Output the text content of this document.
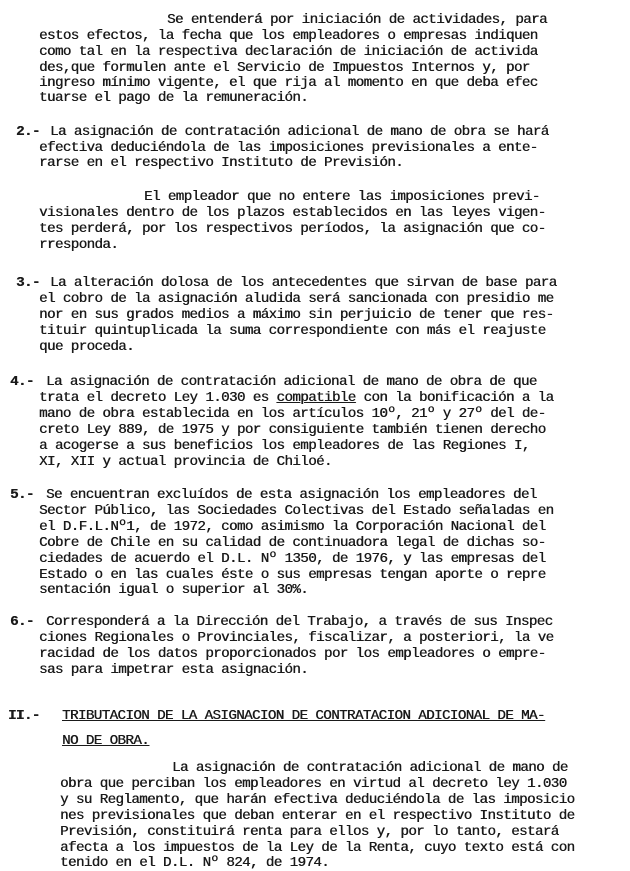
Se entenderá por iniciación de actividades, para
estos efectos, la fecha que los empleadores o empresas indiquen
como tal en la respectiva declaración de iniciación de activida
des,que formulen ante el Servicio de Impuestos Internos y, por
ingreso mínimo vigente, el que rija al momento en que deba efec
tuarse el pago de la remuneración.
2.- La asignación de contratación adicional de mano de obra se hará
efectiva deduciéndola de las imposiciones previsionales a ente-
rarse en el respectivo Instituto de Previsión.
El empleador que no entere las imposiciones previ-
visionales dentro de los plazos establecidos en las leyes vigen-
tes perderá, por los respectivos períodos, la asignación que co-
rresponda.
3.- La alteración dolosa de los antecedentes que sirvan de base para
el cobro de la asignación aludida será sancionada con presidio me
nor en sus grados medios a máximo sin perjuicio de tener que res-
tituir quintuplicada la suma correspondiente con más el reajuste
que proceda.
4.- La asignación de contratación adicional de mano de obra de que
trata el decreto Ley 1.030 es compatible con la bonificación a la
mano de obra establecida en los artículos 10º, 21º y 27º del de-
creto Ley 889, de 1975 y por consiguiente también tienen derecho
a acogerse a sus beneficios los empleadores de las Regiones I,
XI, XII y actual provincia de Chiloé.
5.- Se encuentran excluídos de esta asignación los empleadores del
Sector Público, las Sociedades Colectivas del Estado señaladas en
el D.F.L.Nº1, de 1972, como asimismo la Corporación Nacional del
Cobre de Chile en su calidad de continuadora legal de dichas so-
ciedades de acuerdo el D.L. Nº 1350, de 1976, y las empresas del
Estado o en las cuales éste o sus empresas tengan aporte o repre
sentación igual o superior al 30%.
6.- Corresponderá a la Dirección del Trabajo, a través de sus Inspec
ciones Regionales o Provinciales, fiscalizar, a posteriori, la ve
racidad de los datos proporcionados por los empleadores o empre-
sas para impetrar esta asignación.
II.- TRIBUTACION DE LA ASIGNACION DE CONTRATACION ADICIONAL DE MA-
NO DE OBRA.
La asignación de contratación adicional de mano de
obra que perciban los empleadores en virtud al decreto ley 1.030
y su Reglamento, que harán efectiva deduciéndola de las imposicio
nes previsionales que deban enterar en el respectivo Instituto de
Previsión, constituirá renta para ellos y, por lo tanto, estará
afecta a los impuestos de la Ley de la Renta, cuyo texto está con
tenido en el D.L. Nº 824, de 1974.
